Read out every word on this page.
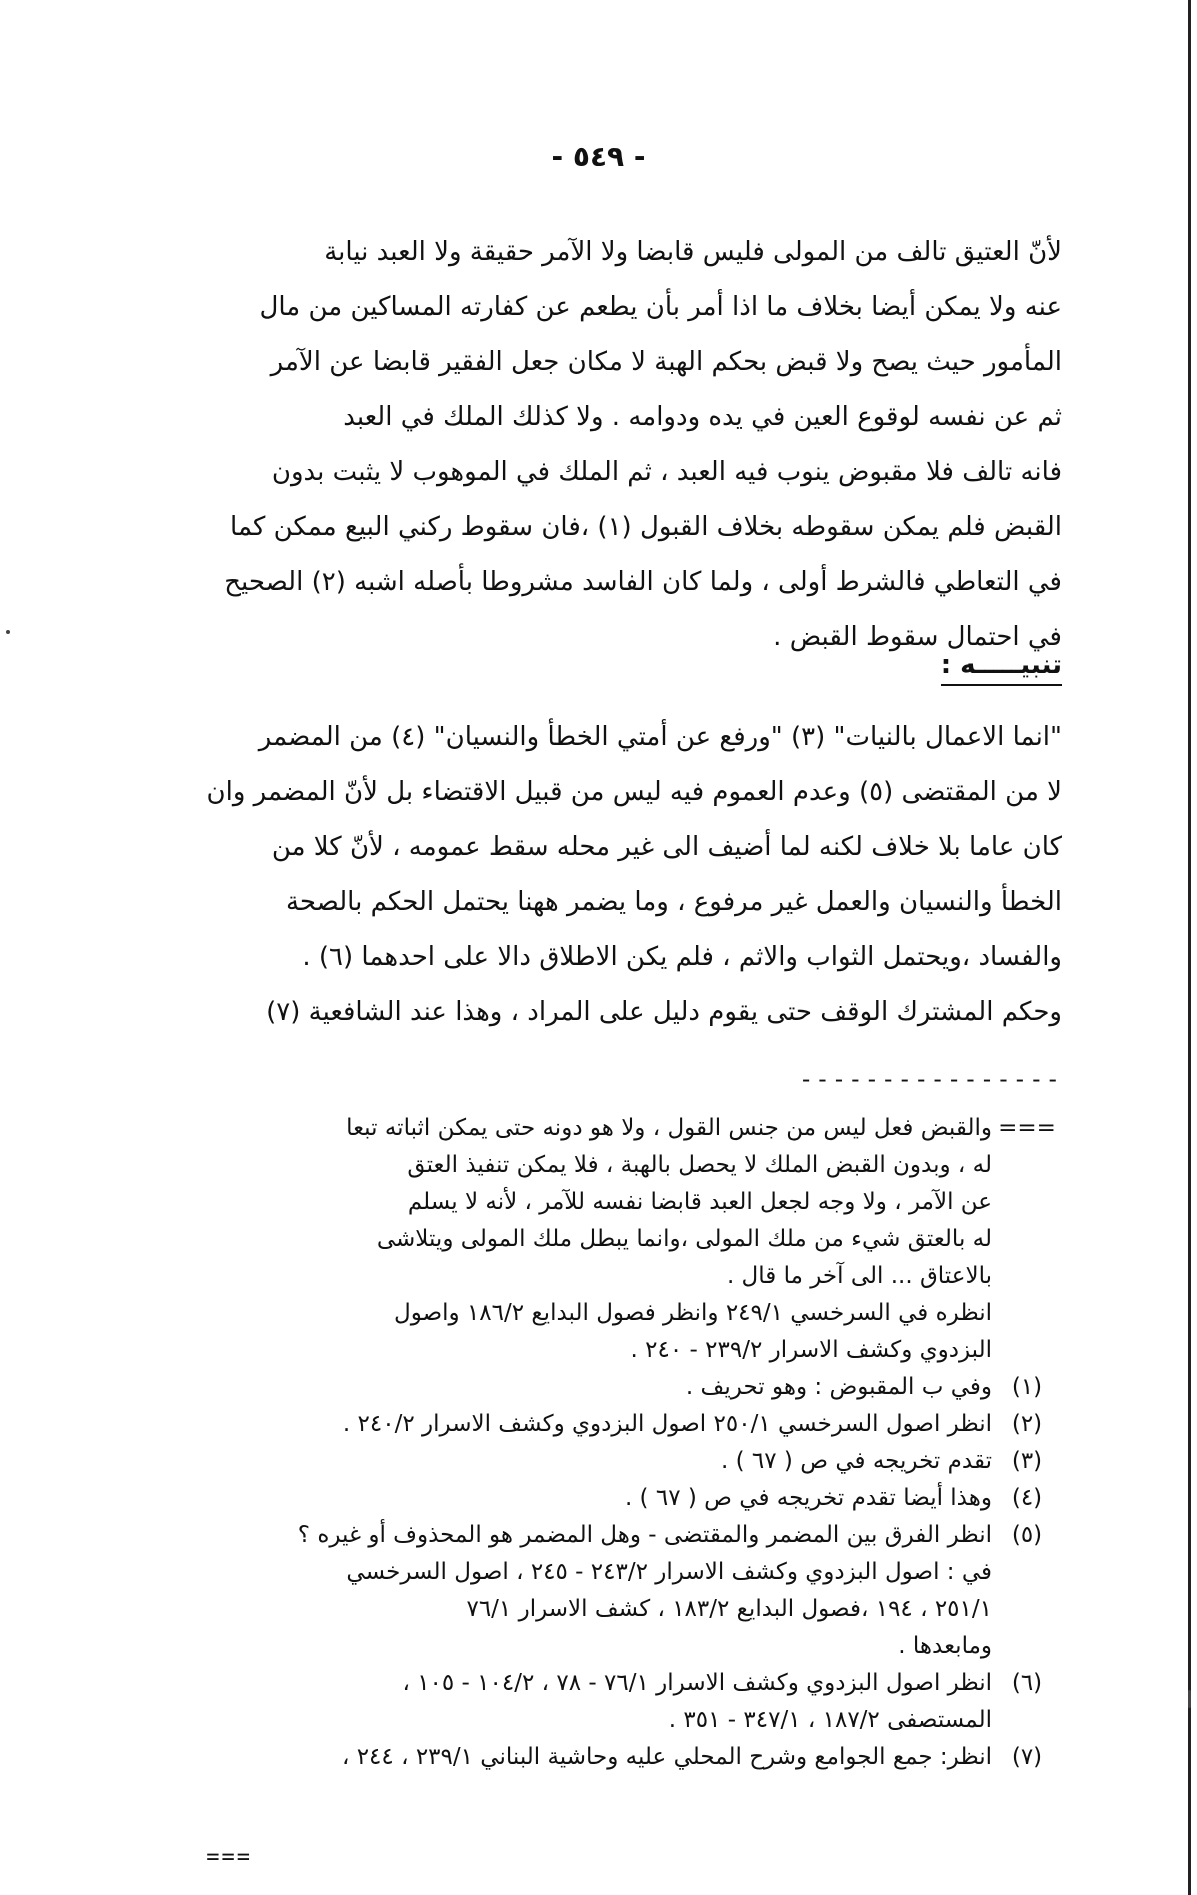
- ٥٤٩ -

لأنّ العتيق تالف من المولى فليس قابضا ولا الآمر حقيقة ولا العبد نيابة

عنه ولا يمكن أيضا بخلاف ما اذا أمر بأن يطعم عن كفارته المساكين من مال

المأمور حيث يصح ولا قبض بحكم الهبة لا مكان جعل الفقير قابضا عن الآمر

ثم عن نفسه لوقوع العين في يده ودوامه . ولا كذلك الملك في العبد

فانه تالف فلا مقبوض ينوب فيه العبد ، ثم الملك في الموهوب لا يثبت بدون

القبض فلم يمكن سقوطه بخلاف القبول (١) ،فان سقوط ركني البيع ممكن كما

في التعاطي فالشرط أولى ، ولما كان الفاسد مشروطا بأصله اشبه (٢) الصحيح

في احتمال سقوط القبض .

تنبيـــــه :

"انما الاعمال بالنيات" (٣) "ورفع عن أمتي الخطأ والنسيان" (٤) من المضمر

لا من المقتضى (٥) وعدم العموم فيه ليس من قبيل الاقتضاء بل لأنّ المضمر وان

كان عاما بلا خلاف لكنه لما أضيف الى غير محله سقط عمومه ، لأنّ كلا من

الخطأ والنسيان والعمل غير مرفوع ، وما يضمر ههنا يحتمل الحكم بالصحة

والفساد ،ويحتمل الثواب والاثم ، فلم يكن الاطلاق دالا على احدهما (٦) .

وحكم المشترك الوقف حتى يقوم دليل على المراد ، وهذا عند الشافعية (٧)

----------------
===
والقبض فعل ليس من جنس القول ، ولا هو دونه حتى يمكن اثباته تبعا
له ، وبدون القبض الملك لا يحصل بالهبة ، فلا يمكن تنفيذ العتق
عن الآمر ، ولا وجه لجعل العبد قابضا نفسه للآمر ، لأنه لا يسلم
له بالعتق شيء من ملك المولى ،وانما يبطل ملك المولى ويتلاشى
بالاعتاق ... الى آخر ما قال .
انظره في السرخسي ٢٤٩/١ وانظر فصول البدايع ١٨٦/٢ واصول
البزدوي وكشف الاسرار ٢٣٩/٢ - ٢٤٠ .
(١)
وفي ب المقبوض : وهو تحريف .
(٢)
انظر اصول السرخسي ٢٥٠/١ اصول البزدوي وكشف الاسرار ٢٤٠/٢ .
(٣)
تقدم تخريجه في ص ( ٦٧ ) .
(٤)
وهذا أيضا تقدم تخريجه في ص ( ٦٧ ) .
(٥)
انظر الفرق بين المضمر والمقتضى - وهل المضمر هو المحذوف أو غيره ؟
في : اصول البزدوي وكشف الاسرار ٢٤٣/٢ - ٢٤٥ ، اصول السرخسي
٢٥١/١ ، ١٩٤ ،فصول البدايع ١٨٣/٢ ، كشف الاسرار ٧٦/١
ومابعدها .
(٦)
انظر اصول البزدوي وكشف الاسرار ٧٦/١ - ٧٨ ، ١٠٤/٢ - ١٠٥ ،
المستصفى ١٨٧/٢ ، ٣٤٧/١ - ٣٥١ .
(٧)
انظر: جمع الجوامع وشرح المحلي عليه وحاشية البناني ٢٣٩/١ ، ٢٤٤ ،
===
